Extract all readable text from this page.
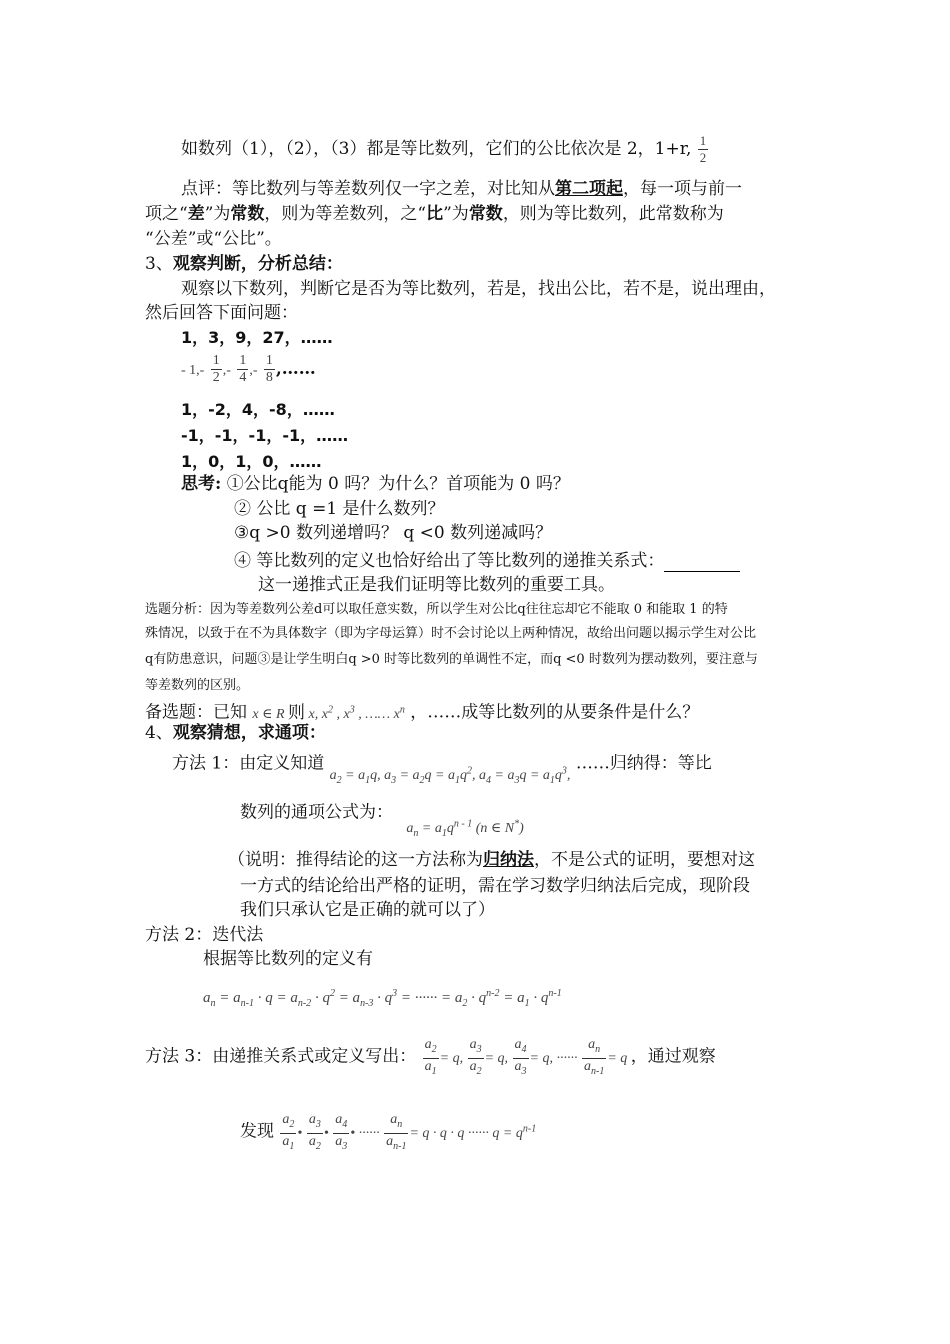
如数列（1），（2），（3）都是等比数列，它们的公比依次是 2，1+r, $\frac{1}{2}$
点评：等比数列与等差数列仅一字之差，对比知从第二项起，每一项与前一
项之“差”为常数，则为等差数列，之“比”为常数，则为等比数列，此常数称为
“公差”或“公比”。
3、观察判断，分析总结：
观察以下数列，判断它是否为等比数列，若是，找出公比，若不是，说出理由，
然后回答下面问题：
1，3，9，27，……
- $1,- \frac{1}{2}$ ,- $\frac{1}{4}$ ,- $\frac{1}{8}$ ,……
1，-2，4，-8，……
-1，-1，-1，-1，……
1，0，1，0，……
思考: ①公比q能为 0 吗？为什么？首项能为 0 吗？
② 公比 q =1 是什么数列？
③q >0 数列递增吗？ q <0 数列递减吗？
④ 等比数列的定义也恰好给出了等比数列的递推关系式：
这一递推式正是我们证明等比数列的重要工具。
选题分析：因为等差数列公差d可以取任意实数，所以学生对公比q往往忘却它不能取 0 和能取 1 的特
殊情况，以致于在不为具体数字（即为字母运算）时不会讨论以上两种情况，故给出问题以揭示学生对公比
q有防患意识，问题③是让学生明白q >0 时等比数列的单调性不定，而q <0 时数列为摆动数列，要注意与
等差数列的区别。
备选题：已知 x ∈ R 则 x, $x^2$ , $x^3$ , …… $x^n$ ，……成等比数列的从要条件是什么？
4、观察猜想，求通项：
方法 1：由定义知道 $_{a_2 = a_1q, a_3 = a_2q = a_1q^2, a_4 = a_3q = a_1q^3,}$ ……归纳得：等比
数列的通项公式为： $_{a_n = a_1q^{n - 1} (n \in N^*)}$
（说明：推得结论的这一方法称为归纳法，不是公式的证明，要想对这
一方式的结论给出严格的证明，需在学习数学归纳法后完成，现阶段
我们只承认它是正确的就可以了）
方法 2：迭代法
根据等比数列的定义有
$a_n = a_{n-1} \cdot q = a_{n-2} \cdot q^2 = a_{n-3} \cdot q^3$ = ······ = $a_2 \cdot q^{n-2} = a_1 \cdot q^{n-1}$
方法 3：由递推关系式或定义写出： $\frac{a_2}{a_1} = q$, $\frac{a_3}{a_2} = q$, $\frac{a_4}{a_3} = q$, ······ $\frac{a_n}{a_{n-1}} = q$ ，通过观察
发现 $\frac{a_2}{a_1}$ • $\frac{a_3}{a_2}$ • $\frac{a_4}{a_3}$ • ······ $\frac{a_n}{a_{n-1}} = q \cdot q \cdot q$ ······ $q = q^{n-1}$
